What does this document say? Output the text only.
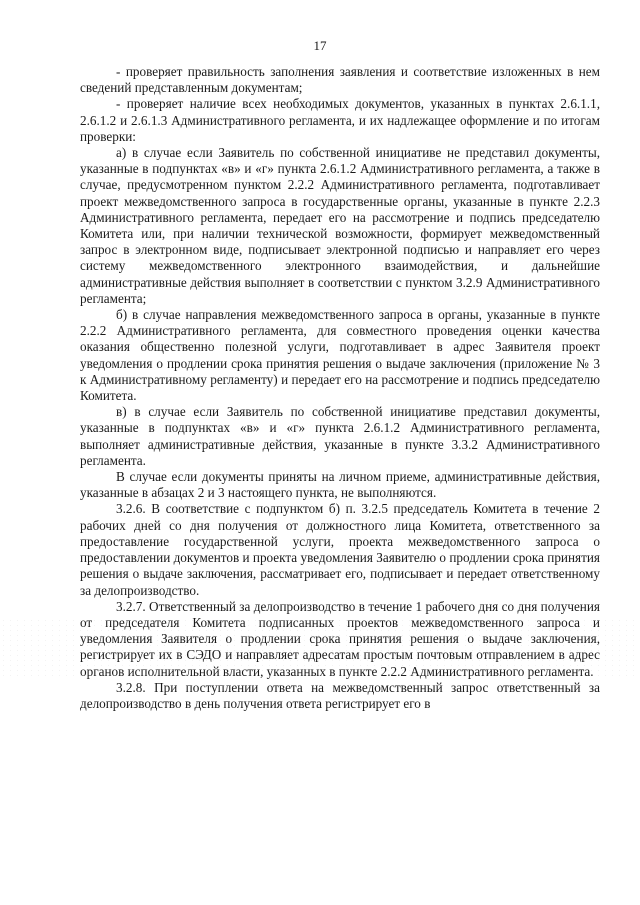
17

- проверяет правильность заполнения заявления и соответствие изложенных в нем сведений представленным документам;

- проверяет наличие всех необходимых документов, указанных в пунктах 2.6.1.1, 2.6.1.2 и 2.6.1.3 Административного регламента, и их надлежащее оформление и по итогам проверки:

а) в случае если Заявитель по собственной инициативе не представил документы, указанные в подпунктах «в» и «г» пункта 2.6.1.2 Административного регламента, а также в случае, предусмотренном пунктом 2.2.2 Административного регламента, подготавливает проект межведомственного запроса в государственные органы, указанные в пункте 2.2.3 Административного регламента, передает его на рассмотрение и подпись председателю Комитета или, при наличии технической возможности, формирует межведомственный запрос в электронном виде, подписывает электронной подписью и направляет его через систему межведомственного электронного взаимодействия, и дальнейшие административные действия выполняет в соответствии с пунктом 3.2.9 Административного регламента;

б) в случае направления межведомственного запроса в органы, указанные в пункте 2.2.2 Административного регламента, для совместного проведения оценки качества оказания общественно полезной услуги, подготавливает в адрес Заявителя проект уведомления о продлении срока принятия решения о выдаче заключения (приложение № 3 к Административному регламенту) и передает его на рассмотрение и подпись председателю Комитета.

в) в случае если Заявитель по собственной инициативе представил документы, указанные в подпунктах «в» и «г» пункта 2.6.1.2 Административного регламента, выполняет административные действия, указанные в пункте 3.3.2 Административного регламента.

В случае если документы приняты на личном приеме, административные действия, указанные в абзацах 2 и 3 настоящего пункта, не выполняются.

3.2.6. В соответствие с подпунктом б) п. 3.2.5 председатель Комитета в течение 2 рабочих дней со дня получения от должностного лица Комитета, ответственного за предоставление государственной услуги, проекта межведомственного запроса о предоставлении документов и проекта уведомления Заявителю о продлении срока принятия решения о выдаче заключения, рассматривает его, подписывает и передает ответственному за делопроизводство.

3.2.7. Ответственный за делопроизводство в течение 1 рабочего дня со дня получения от председателя Комитета подписанных проектов межведомственного запроса и уведомления Заявителя о продлении срока принятия решения о выдаче заключения, регистрирует их в СЭДО и направляет адресатам простым почтовым отправлением в адрес органов исполнительной власти, указанных в пункте 2.2.2 Административного регламента.

3.2.8. При поступлении ответа на межведомственный запрос ответственный за делопроизводство в день получения ответа регистрирует его в
